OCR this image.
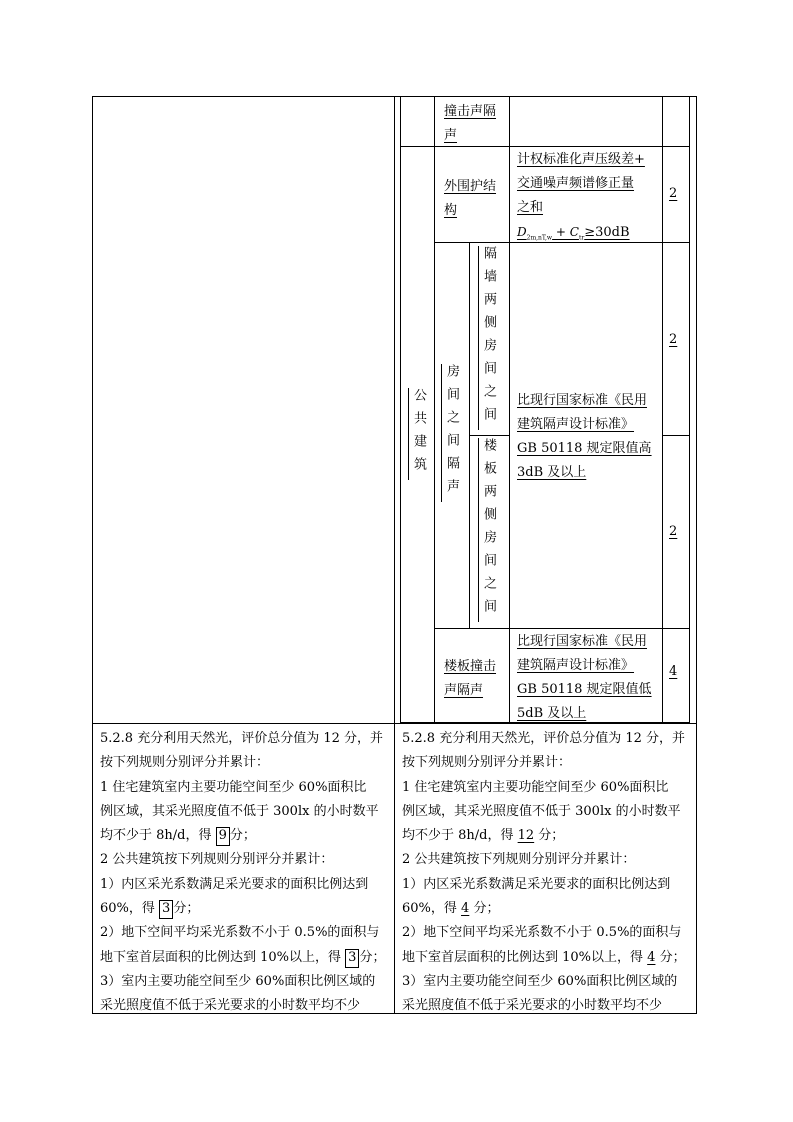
撞击声隔
声
公共建筑
外围护结
构
计权标准化声压级差+
交通噪声频谱修正量
之和
$D_{2m,nT,w} + C_{tr}\ge 30dB$
2
房间之间隔声
隔墙两侧房间之间
楼板两侧房间之间
比现行国家标准《民用
建筑隔声设计标准》
GB 50118 规定限值高
3dB 及以上
2
2
楼板撞击
声隔声
比现行国家标准《民用
建筑隔声设计标准》
GB 50118 规定限值低
5dB 及以上
4
5.2.8 充分利用天然光，评价总分值为 12 分，并
按下列规则分别评分并累计：
1 住宅建筑室内主要功能空间至少 60%面积比
例区域，其采光照度值不低于 300lx 的小时数平
均不少于 8h/d，得 9 分；
2 公共建筑按下列规则分别评分并累计：
1）内区采光系数满足采光要求的面积比例达到
60%，得 3 分；
2）地下空间平均采光系数不小于 0.5%的面积与
地下室首层面积的比例达到 10%以上，得 3 分；
3）室内主要功能空间至少 60%面积比例区域的
采光照度值不低于采光要求的小时数平均不少
5.2.8 充分利用天然光，评价总分值为 12 分，并
按下列规则分别评分并累计：
1 住宅建筑室内主要功能空间至少 60%面积比
例区域，其采光照度值不低于 300lx 的小时数平
均不少于 8h/d，得 12 分；
2 公共建筑按下列规则分别评分并累计：
1）内区采光系数满足采光要求的面积比例达到
60%，得 4 分；
2）地下空间平均采光系数不小于 0.5%的面积与
地下室首层面积的比例达到 10%以上，得 4 分；
3）室内主要功能空间至少 60%面积比例区域的
采光照度值不低于采光要求的小时数平均不少
